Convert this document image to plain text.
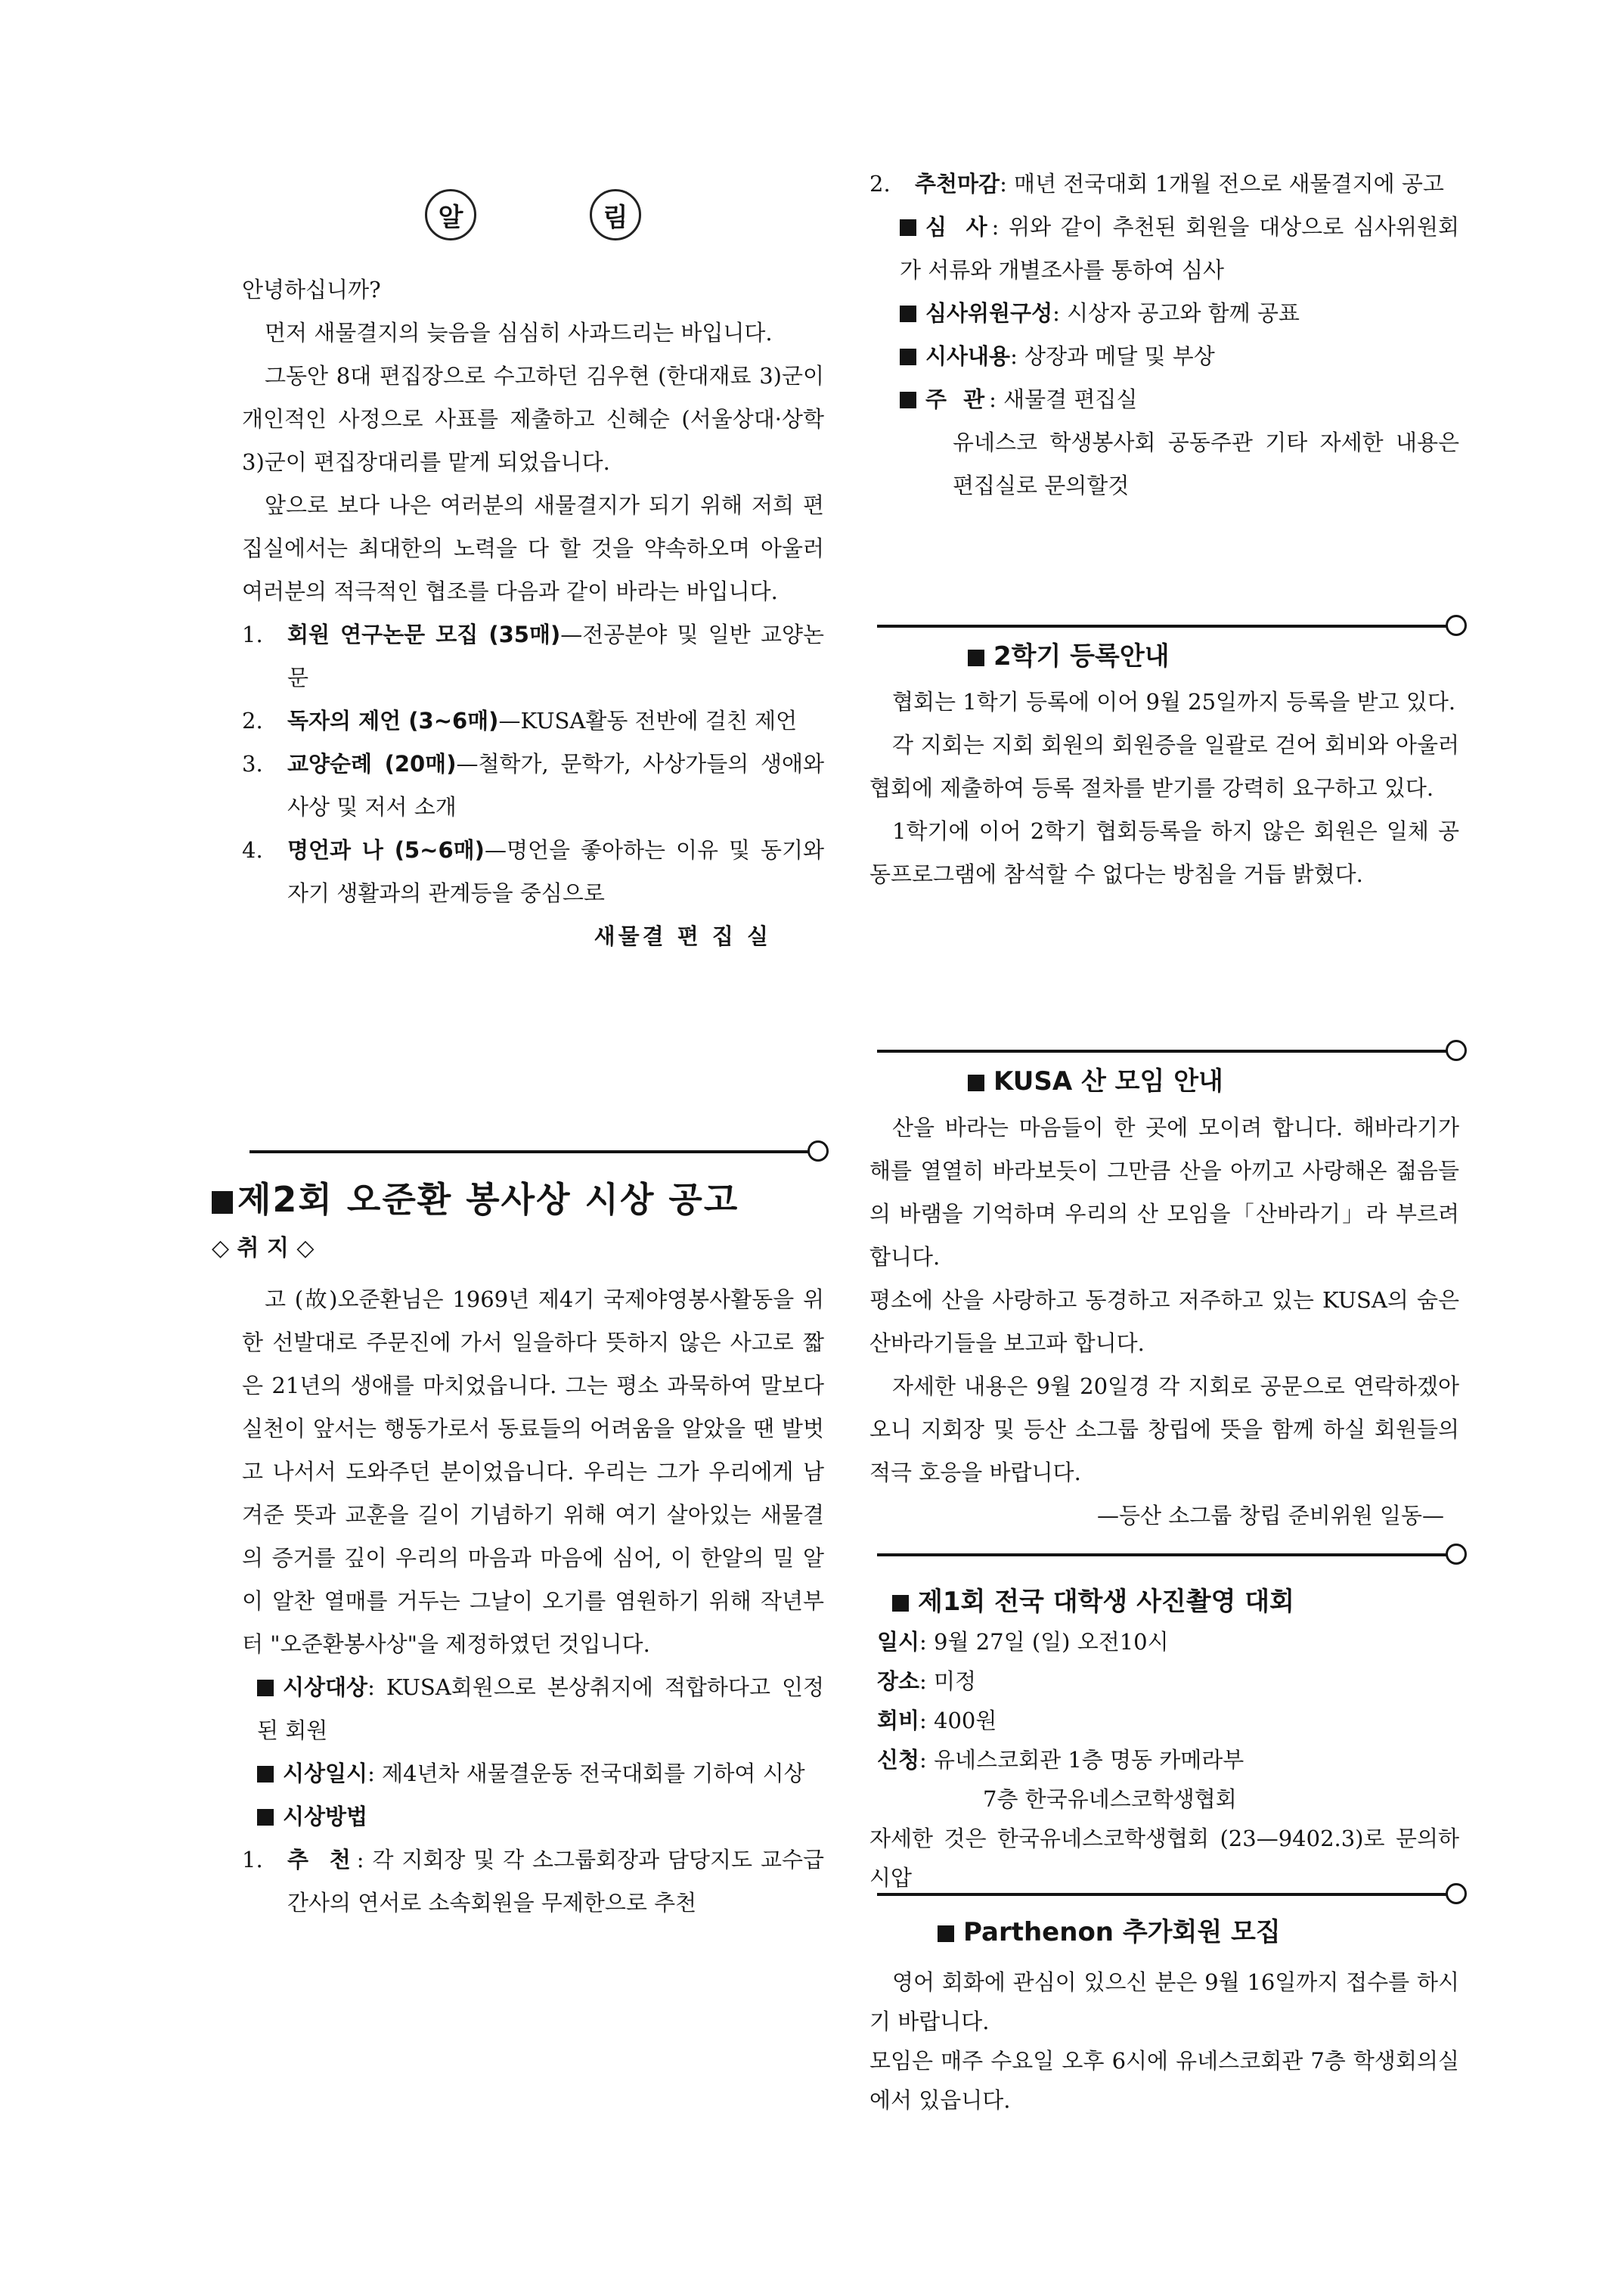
알	림

안녕하십니까?

먼저 새물결지의 늦음을 심심히 사과드리는 바입니다.

그동안 8대 편집장으로 수고하던 김우현 (한대재료 3)군이 개인적인 사정으로 사표를 제출하고 신혜순 (서울상대·상학 3)군이 편집장대리를 맡게 되었읍니다.

앞으로 보다 나은 여러분의 새물결지가 되기 위해 저희 편집실에서는 최대한의 노력을 다 할 것을 약속하오며 아울러 여러분의 적극적인 협조를 다음과 같이 바라는 바입니다.

1.	회원 연구논문 모집 (35매)—전공분야 및 일반 교양논문
2.	독자의 제언 (3~6매)—KUSA활동 전반에 걸친 제언
3.	교양순례 (20매)—철학가, 문학가, 사상가들의 생애와 사상 및 저서 소개
4.	명언과 나 (5~6매)—명언을 좋아하는 이유 및 동기와 자기 생활과의 관계등을 중심으로

새물결 편 집 실

제2회 오준환 봉사상 시상 공고
◇ 취 지 ◇

고 (故)오준환님은 1969년 제4기 국제야영봉사활동을 위한 선발대로 주문진에 가서 일을하다 뜻하지 않은 사고로 짧은 21년의 생애를 마치었읍니다. 그는 평소 과묵하여 말보다 실천이 앞서는 행동가로서 동료들의 어려움을 알았을 땐 발벗고 나서서 도와주던 분이었읍니다. 우리는 그가 우리에게 남겨준 뜻과 교훈을 길이 기념하기 위해 여기 살아있는 새물결의 증거를 깊이 우리의 마음과 마음에 심어, 이 한알의 밀 알이 알찬 열매를 거두는 그날이 오기를 염원하기 위해 작년부터 "오준환봉사상"을 제정하였던 것입니다.

시상대상: KUSA회원으로 본상취지에 적합하다고 인정된 회원

시상일시: 제4년차 새물결운동 전국대회를 기하여 시상

시상방법

1.	추 천: 각 지회장 및 각 소그룹회장과 담당지도 교수급 간사의 연서로 소속회원을 무제한으로 추천
2.	추천마감: 매년 전국대회 1개월 전으로 새물결지에 공고

심 사: 위와 같이 추천된 회원을 대상으로 심사위원회가 서류와 개별조사를 통하여 심사

심사위원구성: 시상자 공고와 함께 공표

시사내용: 상장과 메달 및 부상

주 관: 새물결 편집실

유네스코 학생봉사회 공동주관 기타 자세한 내용은 편집실로 문의할것

2학기 등록안내

협회는 1학기 등록에 이어 9월 25일까지 등록을 받고 있다.

각 지회는 지회 회원의 회원증을 일괄로 걷어 회비와 아울러 협회에 제출하여 등록 절차를 받기를 강력히 요구하고 있다.

1학기에 이어 2학기 협회등록을 하지 않은 회원은 일체 공동프로그램에 참석할 수 없다는 방침을 거듭 밝혔다.

KUSA 산 모임 안내

산을 바라는 마음들이 한 곳에 모이려 합니다. 해바라기가 해를 열열히 바라보듯이 그만큼 산을 아끼고 사랑해온 젊음들의 바램을 기억하며 우리의 산 모임을「산바라기」라 부르려 합니다.

평소에 산을 사랑하고 동경하고 저주하고 있는 KUSA의 숨은 산바라기들을 보고파 합니다.

자세한 내용은 9월 20일경 각 지회로 공문으로 연락하겠아오니 지회장 및 등산 소그룹 창립에 뜻을 함께 하실 회원들의 적극 호응을 바랍니다.

—등산 소그룹 창립 준비위원 일동—

제1회 전국 대학생 사진촬영 대회

일시: 9월 27일 (일) 오전10시

장소: 미정

회비: 400원

신청: 유네스코회관 1층 명동 카메라부

7층 한국유네스코학생협회

자세한 것은 한국유네스코학생협회 (23—9402.3)로 문의하시압

Parthenon 추가회원 모집

영어 회화에 관심이 있으신 분은 9월 16일까지 접수를 하시기 바랍니다.

모임은 매주 수요일 오후 6시에 유네스코회관 7층 학생회의실에서 있읍니다.
